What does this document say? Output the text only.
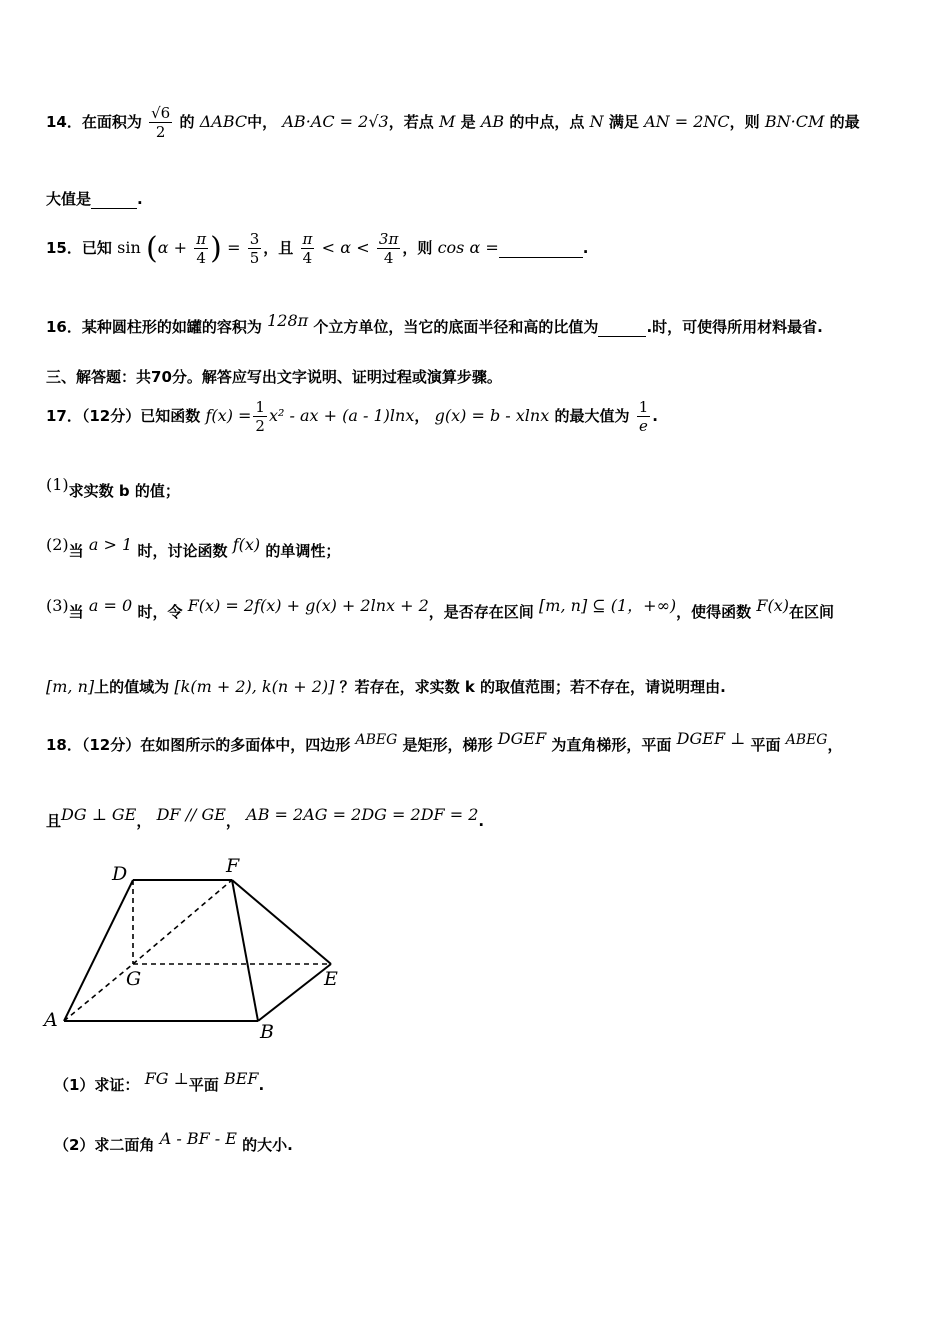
14．在面积为 $\frac{√6}{2}$ 的 ΔABC中， AB·AC = 2√3，若点 M 是 AB 的中点，点 N 满足 AN = 2NC，则 BN·CM 的最
大值是	.
15．已知 $\sin (\alpha + \frac{\pi}{4}$ ) = $\frac{3}{5}$ ，且 $\frac{\pi}{4} < \alpha < \frac{3\pi}{4}$ ，则 cos α =	.
16．某种圆柱形的如罐的容积为 128π 个立方单位，当它的底面半径和高的比值为	.时，可使得所用材料最省.
三、解答题：共70分。解答应写出文字说明、证明过程或演算步骤。
17．（12分）已知函数 $f(x) = \frac{1}{2} x^2$ - ax + (a - 1)lnx， g(x) = b - xlnx 的最大值为 $\frac{1}{e}$ .
(1)求实数 b 的值；
(2)当 a > 1 时，讨论函数 f(x) 的单调性；
(3)当 a = 0 时，令 F(x) = 2f(x) + g(x) + 2lnx + 2，是否存在区间 [m, n] ⊆ (1，+∞)，使得函数 F(x)在区间
[m, n]上的值域为 [k(m + 2), k(n + 2)] ？若存在，求实数 k 的取值范围；若不存在，请说明理由.
18．（12分）在如图所示的多面体中，四边形 ABEG 是矩形，梯形 DGEF 为直角梯形，平面 DGEF ⊥ 平面 ABEG，
且DG ⊥ GE， DF // GE， AB = 2AG = 2DG = 2DF = 2.
D	F
G	E
A
B
（1）求证： FG ⊥平面 BEF.
（2）求二面角 A - BF - E 的大小.
